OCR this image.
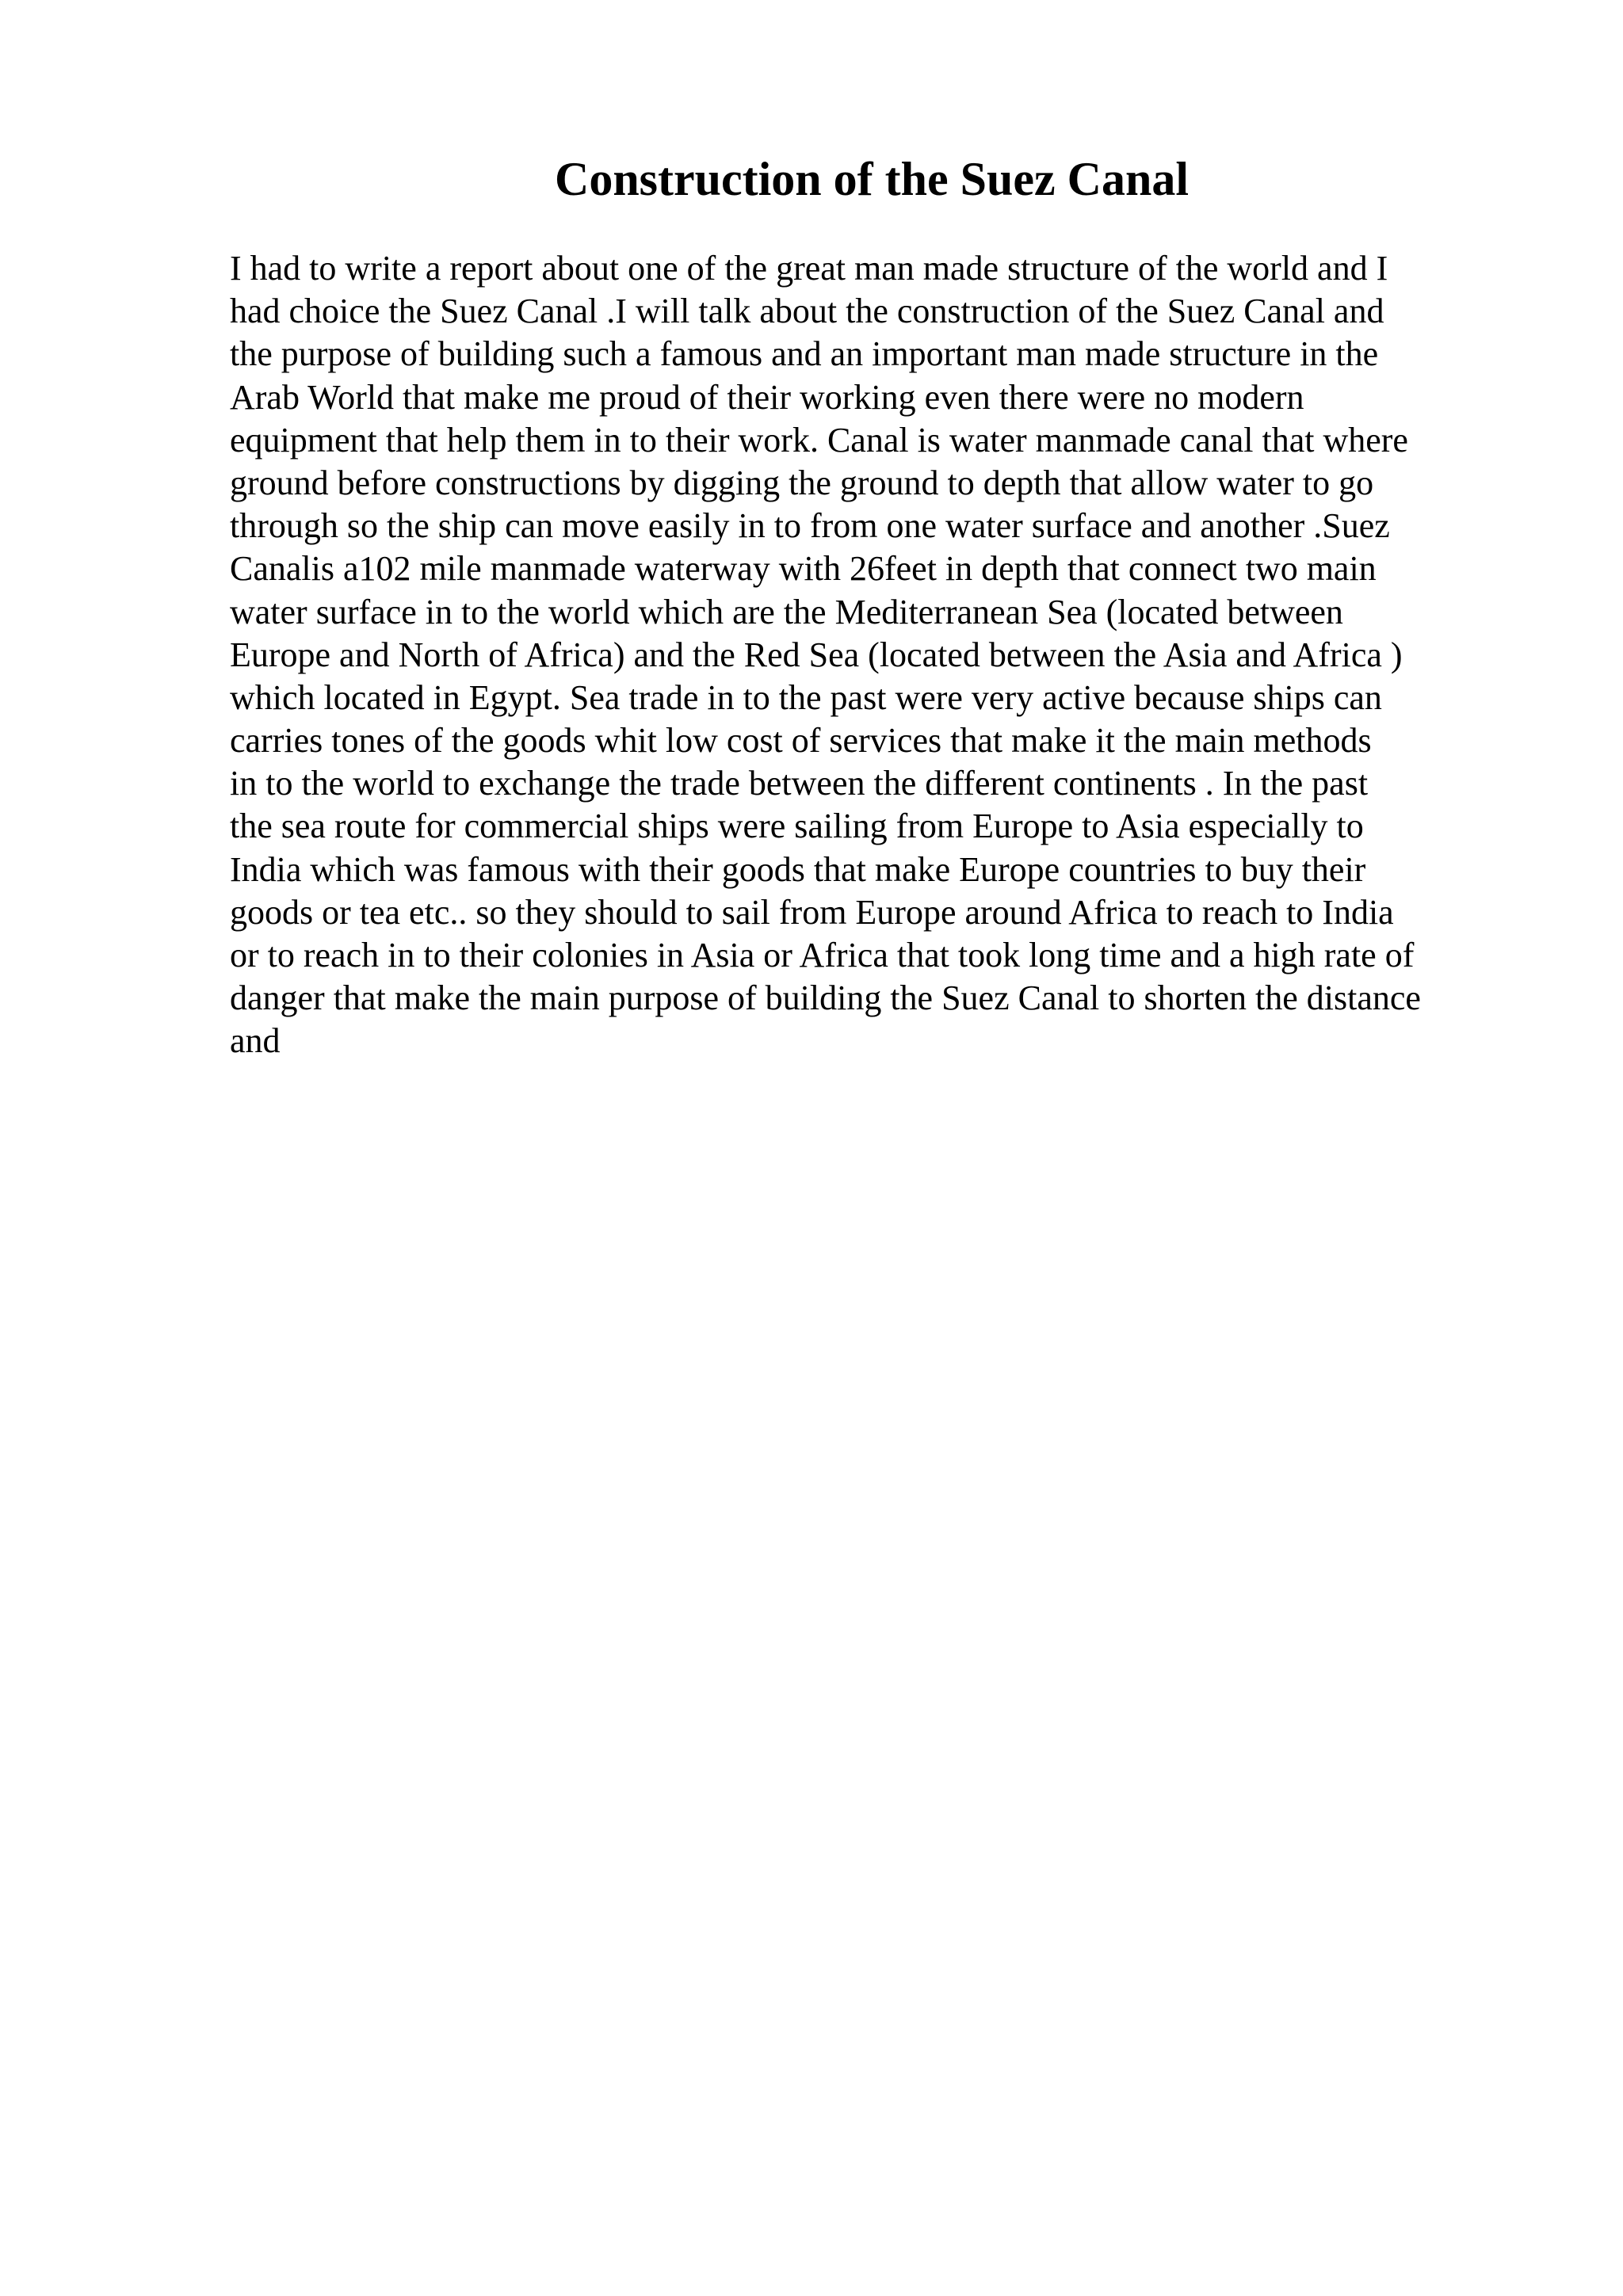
Construction of the Suez Canal
I had to write a report about one of the great man made structure of the world and I
had choice the Suez Canal .I will talk about the construction of the Suez Canal and
the purpose of building such a famous and an important man made structure in the
Arab World that make me proud of their working even there were no modern
equipment that help them in to their work. Canal is water manmade canal that where
ground before constructions by digging the ground to depth that allow water to go
through so the ship can move easily in to from one water surface and another .Suez
Canalis a102 mile manmade waterway with 26feet in depth that connect two main
water surface in to the world which are the Mediterranean Sea (located between
Europe and North of Africa) and the Red Sea (located between the Asia and Africa )
which located in Egypt. Sea trade in to the past were very active because ships can
carries tones of the goods whit low cost of services that make it the main methods
in to the world to exchange the trade between the different continents . In the past
the sea route for commercial ships were sailing from Europe to Asia especially to
India which was famous with their goods that make Europe countries to buy their
goods or tea etc.. so they should to sail from Europe around Africa to reach to India
or to reach in to their colonies in Asia or Africa that took long time and a high rate of
danger that make the main purpose of building the Suez Canal to shorten the distance
and
